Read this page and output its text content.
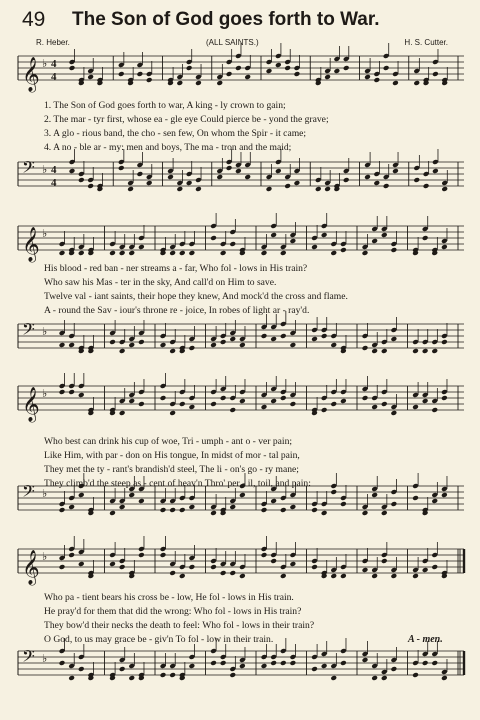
49 The Son of God goes forth to War.
R. Heber.	(ALL SAINTS.)	H. S. Cutter.
𝄞 ♭ 4
4
𝄢 ♭ 4
4
𝄞 ♭
𝄢 ♭
𝄞 ♭
𝄢 ♭
𝄞 ♭
𝄢 ♭
1. The Son of God goes forth to war, A king - ly crown to gain;
2. The mar - tyr first, whose ea - gle eye Could pierce be - yond the grave;
3. A glo - rious band, the cho - sen few, On whom the Spir - it came;
4. A no - ble ar - my: men and boys, The ma - tron and the maid;
His blood - red ban - ner streams a - far, Who fol - lows in His train?
Who saw his Mas - ter in the sky, And call'd on Him to save.
Twelve val - iant saints, their hope they knew, And mock'd the cross and flame.
A - round the Sav - iour's throne re - joice, In robes of light ar - ray'd.
Who best can drink his cup of woe, Tri - umph - ant o - ver pain;
Like Him, with par - don on His tongue, In midst of mor - tal pain,
They met the ty - rant's brandish'd steel, The li - on's go - ry mane;
They climb'd the steep as - cent of heav'n Thro' per - il, toil, and pain:
Who pa - tient bears his cross be - low, He fol - lows in His train.
He pray'd for them that did the wrong: Who fol - lows in His train?
They bow'd their necks the death to feel: Who fol - lows in their train?
O God, to us may grace be - giv'n To fol - low in their train.	A - men.
